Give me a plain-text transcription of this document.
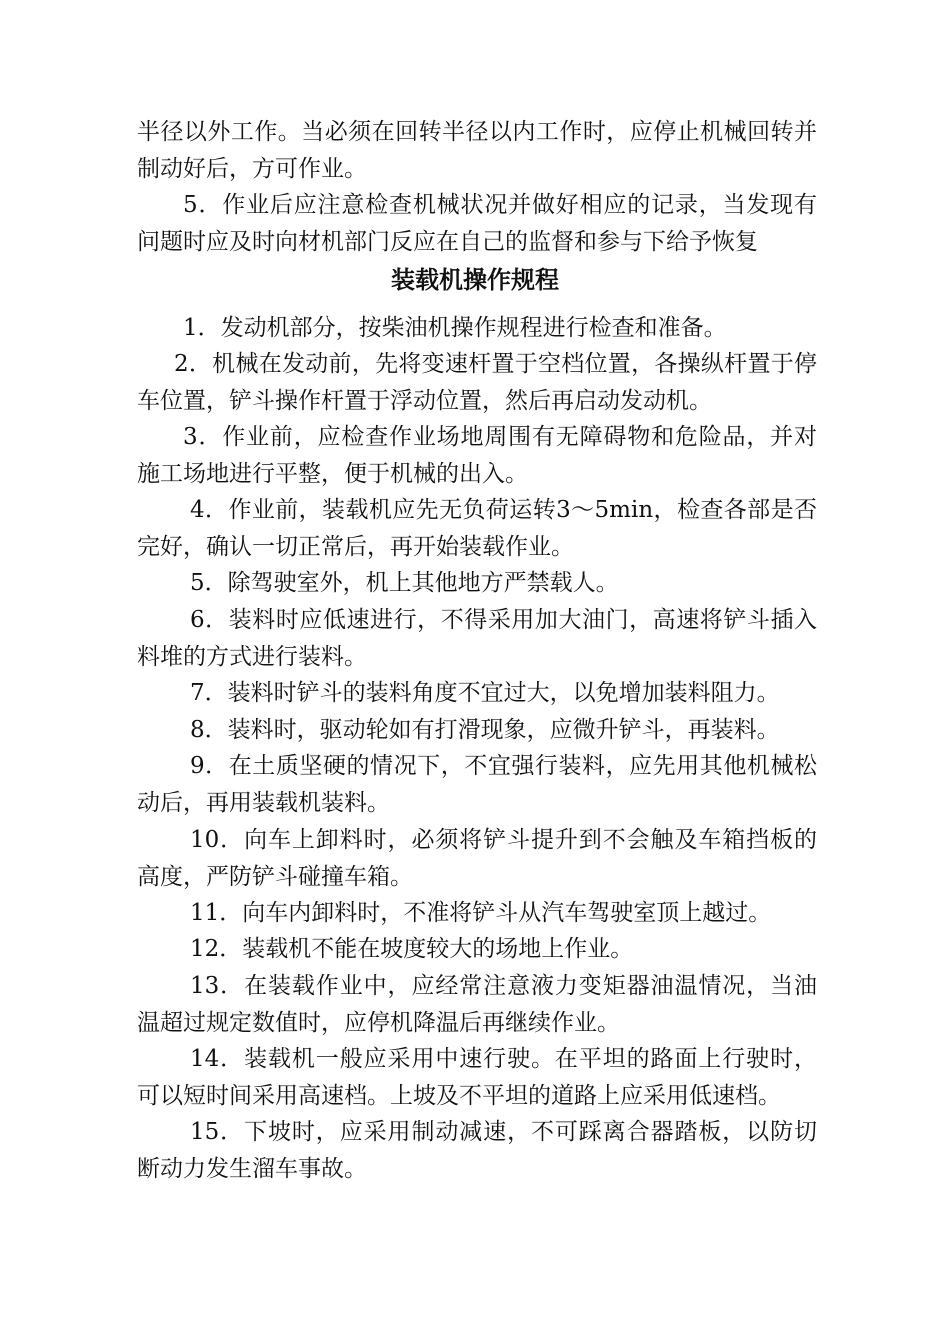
半径以外工作。当必须在回转半径以内工作时，应停止机械回转并制动好后，方可作业。

5．作业后应注意检查机械状况并做好相应的记录，当发现有问题时应及时向材机部门反应在自己的监督和参与下给予恢复

装载机操作规程

1．发动机部分，按柴油机操作规程进行检查和准备。

2．机械在发动前，先将变速杆置于空档位置，各操纵杆置于停车位置，铲斗操作杆置于浮动位置，然后再启动发动机。

3．作业前，应检查作业场地周围有无障碍物和危险品，并对施工场地进行平整，便于机械的出入。

4．作业前，装载机应先无负荷运转3～5min，检查各部是否完好，确认一切正常后，再开始装载作业。

5．除驾驶室外，机上其他地方严禁载人。

6．装料时应低速进行，不得采用加大油门，高速将铲斗插入料堆的方式进行装料。

7．装料时铲斗的装料角度不宜过大，以免增加装料阻力。

8．装料时，驱动轮如有打滑现象，应微升铲斗，再装料。

9．在土质坚硬的情况下，不宜强行装料，应先用其他机械松动后，再用装载机装料。

10．向车上卸料时，必须将铲斗提升到不会触及车箱挡板的高度，严防铲斗碰撞车箱。

11．向车内卸料时，不准将铲斗从汽车驾驶室顶上越过。

12．装载机不能在坡度较大的场地上作业。

13．在装载作业中，应经常注意液力变矩器油温情况，当油温超过规定数值时，应停机降温后再继续作业。

14．装载机一般应采用中速行驶。在平坦的路面上行驶时，可以短时间采用高速档。上坡及不平坦的道路上应采用低速档。

15．下坡时，应采用制动减速，不可踩离合器踏板，以防切断动力发生溜车事故。
